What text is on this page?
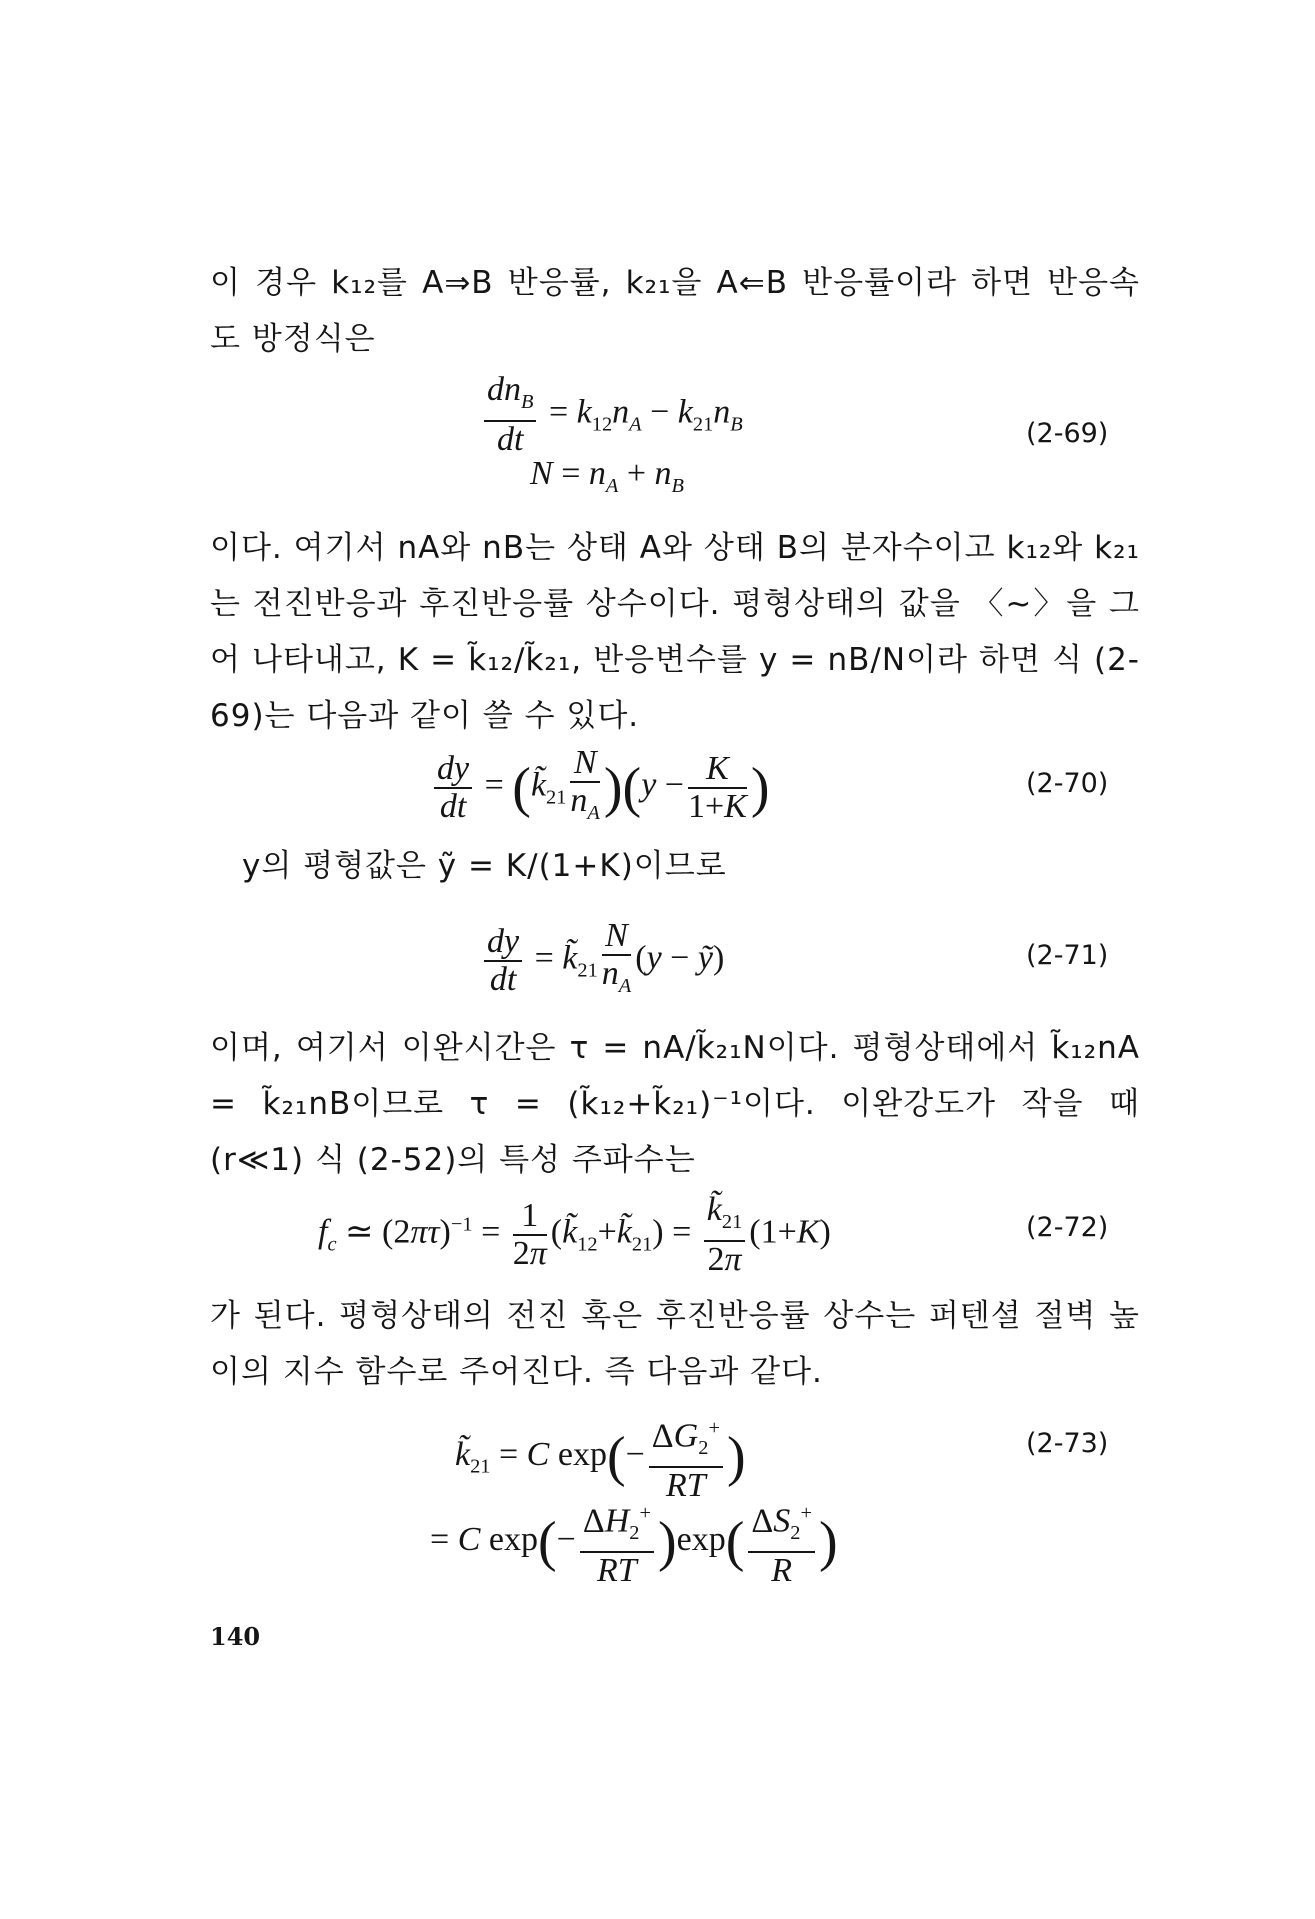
이 경우 k₁₂를 A⇒B 반응률, k₂₁을 A⇐B 반응률이라 하면 반응속도 방정식은
$\frac{dn_B}{dt} = k_{12}n_A - k_{21}n_B$
$N = n_A + n_B$
(2-69)
이다. 여기서 nA와 nB는 상태 A와 상태 B의 분자수이고 k₁₂와 k₂₁는 전진반응과 후진반응률 상수이다. 평형상태의 값을 〈~〉을 그어 나타내고, K = k̃₁₂/k̃₂₁, 반응변수를 y = nB/N이라 하면 식 (2-69)는 다음과 같이 쓸 수 있다.
$\frac{dy}{dt}$ = $(k̃_{21} \frac{N}{n_A} )(y - \frac{K}{1+K}$ )	(2-70)
y의 평형값은 ỹ = K/(1+K)이므로
$\frac{dy}{dt}$ = $k̃_{21} \frac{N}{n_A} (y$ − ỹ)	(2-71)
이며, 여기서 이완시간은 τ = nA/k̃₂₁N이다. 평형상태에서 k̃₁₂nA = k̃₂₁nB이므로 τ = (k̃₁₂+k̃₂₁)⁻¹이다. 이완강도가 작을 때 (r≪1) 식 (2-52)의 특성 주파수는
$f_c$ ≃ $(2\pi\tau)^{-1} = \frac{1}{2\pi}$ $(k̃_{12}+k̃_{21}) = \frac{k̃_{21}}{2\pi} (1+K)$	(2-72)
가 된다. 평형상태의 전진 혹은 후진반응률 상수는 퍼텐셜 절벽 높이의 지수 함수로 주어진다. 즉 다음과 같다.
$k̃_{21} = C$ $\exp(- \frac{\Delta G_2^+}{RT}$ )
= C $\exp(- \frac{\Delta H_2^+}{RT} )\exp( \frac{\Delta S_2^+}{R}$ )
(2-73)
140
